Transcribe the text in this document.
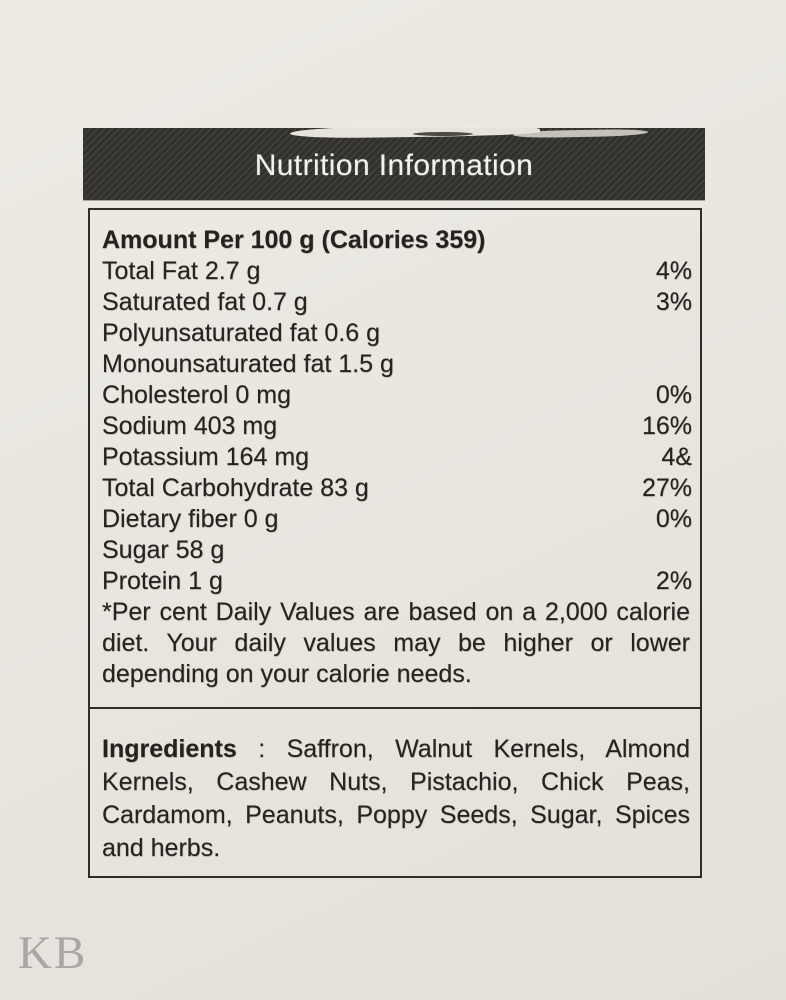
Nutrition Information
Amount Per 100 g (Calories 359)
Total Fat 2.7 g	4%
Saturated fat 0.7 g	3%
Polyunsaturated fat 0.6 g
Monounsaturated fat 1.5 g
Cholesterol 0 mg	0%
Sodium 403 mg	16%
Potassium 164 mg	4&
Total Carbohydrate 83 g	27%
Dietary fiber 0 g	0%
Sugar 58 g
Protein 1 g	2%

*Per cent Daily Values are based on a 2,000 calorie diet. Your daily values may be higher or lower depending on your calorie needs.

Ingredients : Saffron, Walnut Kernels, Almond Kernels, Cashew Nuts, Pistachio, Chick Peas, Cardamom, Peanuts, Poppy Seeds, Sugar, Spices and herbs.
KB
